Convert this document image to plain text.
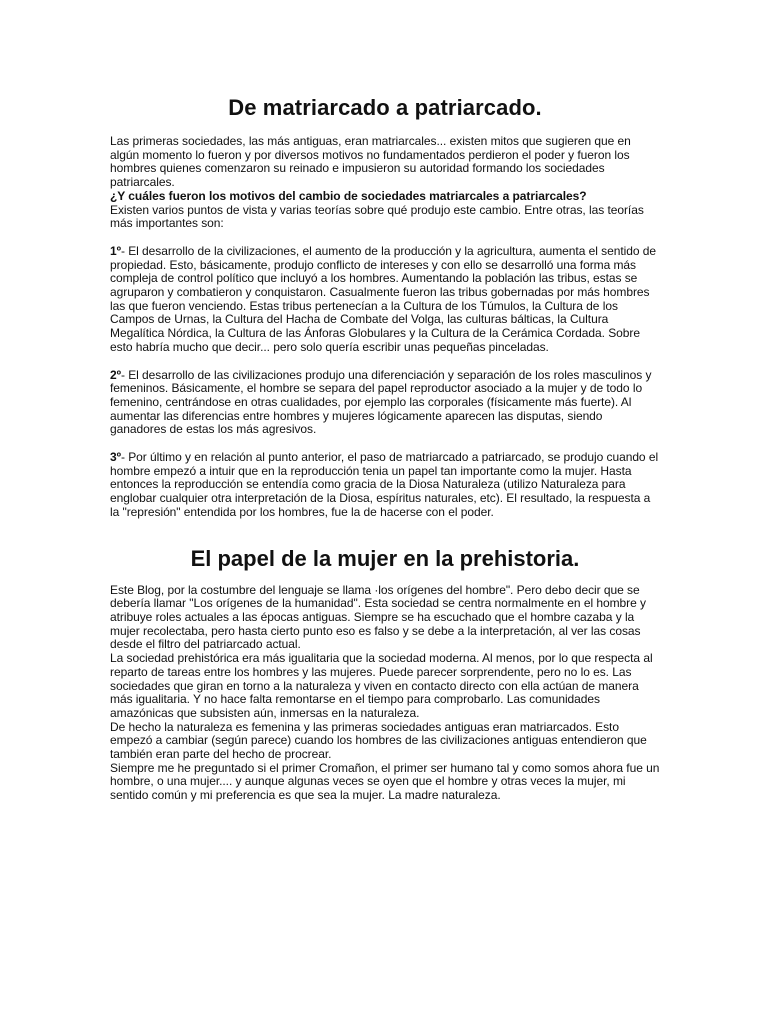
De matriarcado a patriarcado.

Las primeras sociedades, las más antiguas, eran matriarcales... existen mitos que sugieren que en algún momento lo fueron y por diversos motivos no fundamentados perdieron el poder y fueron los hombres quienes comenzaron su reinado e impusieron su autoridad formando los sociedades patriarcales.

¿Y cuáles fueron los motivos del cambio de sociedades matriarcales a patriarcales?

Existen varios puntos de vista y varias teorías sobre qué produjo este cambio. Entre otras, las teorías más importantes son:

1º- El desarrollo de la civilizaciones, el aumento de la producción y la agricultura, aumenta el sentido de propiedad. Esto, básicamente, produjo conflicto de intereses y con ello se desarrolló una forma más compleja de control político que incluyó a los hombres. Aumentando la población las tribus, estas se agruparon y combatieron y conquistaron. Casualmente fueron las tribus gobernadas por más hombres las que fueron venciendo. Estas tribus pertenecían a la Cultura de los Túmulos, la Cultura de los Campos de Urnas, la Cultura del Hacha de Combate del Volga, las culturas bálticas, la Cultura Megalítica Nórdica, la Cultura de las Ánforas Globulares y la Cultura de la Cerámica Cordada. Sobre esto habría mucho que decir... pero solo quería escribir unas pequeñas pinceladas.

2º- El desarrollo de las civilizaciones produjo una diferenciación y separación de los roles masculinos y femeninos. Básicamente, el hombre se separa del papel reproductor asociado a la mujer y de todo lo femenino, centrándose en otras cualidades, por ejemplo las corporales (físicamente más fuerte). Al aumentar las diferencias entre hombres y mujeres lógicamente aparecen las disputas, siendo ganadores de estas los más agresivos.

3º- Por último y en relación al punto anterior, el paso de matriarcado a patriarcado, se produjo cuando el hombre empezó a intuir que en la reproducción tenia un papel tan importante como la mujer. Hasta entonces la reproducción se entendía como gracia de la Diosa Naturaleza (utilizo Naturaleza para englobar cualquier otra interpretación de la Diosa, espíritus naturales, etc). El resultado, la respuesta a la "represión" entendida por los hombres, fue la de hacerse con el poder.

El papel de la mujer en la prehistoria.

Este Blog, por la costumbre del lenguaje se llama ·los orígenes del hombre". Pero debo decir que se debería llamar "Los orígenes de la humanidad". Esta sociedad se centra normalmente en el hombre y atribuye roles actuales a las épocas antiguas. Siempre se ha escuchado que el hombre cazaba y la mujer recolectaba, pero hasta cierto punto eso es falso y se debe a la interpretación, al ver las cosas desde el filtro del patriarcado actual.

La sociedad prehistórica era más igualitaria que la sociedad moderna. Al menos, por lo que respecta al reparto de tareas entre los hombres y las mujeres. Puede parecer sorprendente, pero no lo es. Las sociedades que giran en torno a la naturaleza y viven en contacto directo con ella actúan de manera más igualitaria. Y no hace falta remontarse en el tiempo para comprobarlo. Las comunidades amazónicas que subsisten aún, inmersas en la naturaleza.

De hecho la naturaleza es femenina y las primeras sociedades antiguas eran matriarcados. Esto empezó a cambiar (según parece) cuando los hombres de las civilizaciones antiguas entendieron que también eran parte del hecho de procrear.

Siempre me he preguntado si el primer Cromañon, el primer ser humano tal y como somos ahora fue un hombre, o una mujer.... y aunque algunas veces se oyen que el hombre y otras veces la mujer, mi sentido común y mi preferencia es que sea la mujer. La madre naturaleza.
